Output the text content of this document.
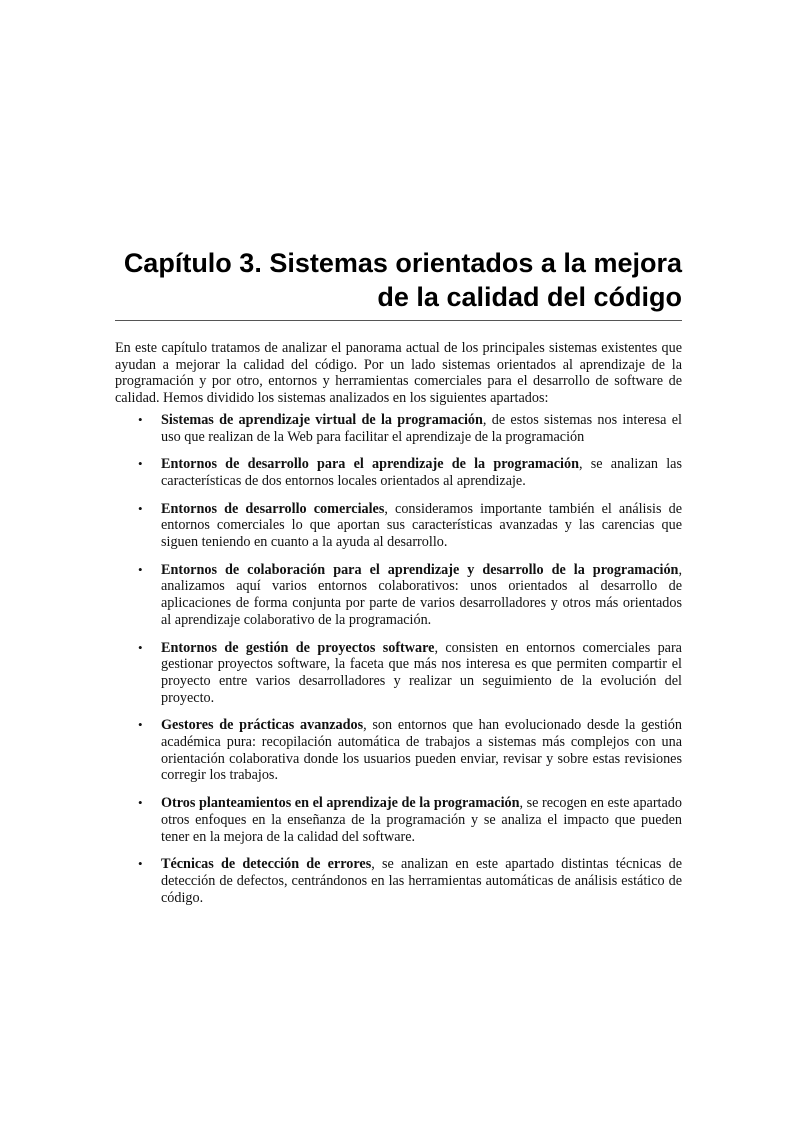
Capítulo 3. Sistemas orientados a la mejora
de la calidad del código

En este capítulo tratamos de analizar el panorama actual de los principales sistemas existentes que ayudan a mejorar la calidad del código. Por un lado sistemas orientados al aprendizaje de la programación y por otro, entornos y herramientas comerciales para el desarrollo de software de calidad. Hemos dividido los sistemas analizados en los siguientes apartados:

• Sistemas de aprendizaje virtual de la programación, de estos sistemas nos interesa el uso que realizan de la Web para facilitar el aprendizaje de la programación
• Entornos de desarrollo para el aprendizaje de la programación, se analizan las características de dos entornos locales orientados al aprendizaje.
• Entornos de desarrollo comerciales, consideramos importante también el análisis de entornos comerciales lo que aportan sus características avanzadas y las carencias que siguen teniendo en cuanto a la ayuda al desarrollo.
• Entornos de colaboración para el aprendizaje y desarrollo de la programación, analizamos aquí varios entornos colaborativos: unos orientados al desarrollo de aplicaciones de forma conjunta por parte de varios desarrolladores y otros más orientados al aprendizaje colaborativo de la programación.
• Entornos de gestión de proyectos software, consisten en entornos comerciales para gestionar proyectos software, la faceta que más nos interesa es que permiten compartir el proyecto entre varios desarrolladores y realizar un seguimiento de la evolución del proyecto.
• Gestores de prácticas avanzados, son entornos que han evolucionado desde la gestión académica pura: recopilación automática de trabajos a sistemas más complejos con una orientación colaborativa donde los usuarios pueden enviar, revisar y sobre estas revisiones corregir los trabajos.
• Otros planteamientos en el aprendizaje de la programación, se recogen en este apartado otros enfoques en la enseñanza de la programación y se analiza el impacto que pueden tener en la mejora de la calidad del software.
• Técnicas de detección de errores, se analizan en este apartado distintas técnicas de detección de defectos, centrándonos en las herramientas automáticas de análisis estático de código.
